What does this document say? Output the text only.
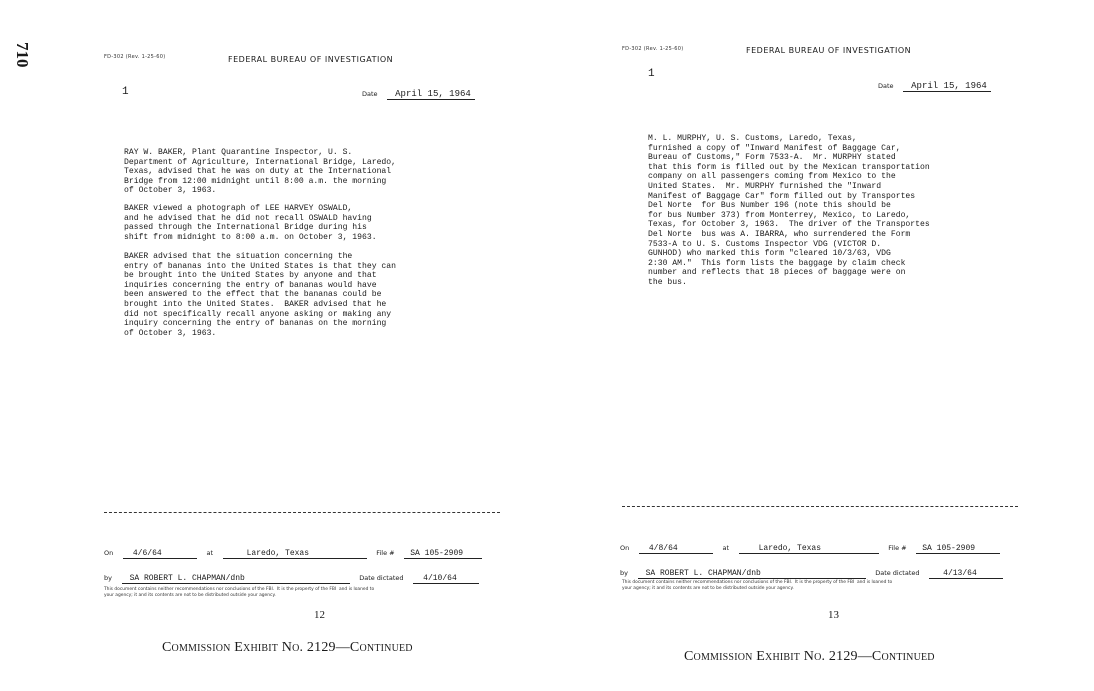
710	FD-302 (Rev. 1-25-60)	FEDERAL BUREAU OF INVESTIGATION
1	Date April 15, 1964
RAY W. BAKER, Plant Quarantine Inspector, U. S.
Department of Agriculture, International Bridge, Laredo,
Texas, advised that he was on duty at the International
Bridge from 12:00 midnight until 8:00 a.m. the morning
of October 3, 1963.
BAKER viewed a photograph of LEE HARVEY OSWALD,
and he advised that he did not recall OSWALD having
passed through the International Bridge during his
shift from midnight to 8:00 a.m. on October 3, 1963.
BAKER advised that the situation concerning the
entry of bananas into the United States is that they can
be brought into the United States by anyone and that
inquiries concerning the entry of bananas would have
been answered to the effect that the bananas could be
brought into the United States.  BAKER advised that he
did not specifically recall anyone asking or making any
inquiry concerning the entry of bananas on the morning
of October 3, 1963.
On 4/6/64	at	Laredo, Texas	File # SA 105-2909
by SA ROBERT L. CHAPMAN/dnb	Date dictated 4/10/64
This document contains neither recommendations nor conclusions of the FBI.  It is the property of the FBI  and is loaned to
your agency; it and its contents are not to be distributed outside your agency.
12
Commission Exhibit No. 2129—Continued
FD-302 (Rev. 1-25-60)	FEDERAL BUREAU OF INVESTIGATION
1
Date April 15, 1964
M. L. MURPHY, U. S. Customs, Laredo, Texas,
furnished a copy of "Inward Manifest of Baggage Car,
Bureau of Customs," Form 7533-A.  Mr. MURPHY stated
that this form is filled out by the Mexican transportation
company on all passengers coming from Mexico to the
United States.  Mr. MURPHY furnished the "Inward
Manifest of Baggage Car" form filled out by Transportes
Del Norte  for Bus Number 196 (note this should be
for bus Number 373) from Monterrey, Mexico, to Laredo,
Texas, for October 3, 1963.  The driver of the Transportes
Del Norte  bus was A. IBARRA, who surrendered the Form
7533-A to U. S. Customs Inspector VDG (VICTOR D.
GUNHOD) who marked this form "cleared 10/3/63, VDG
2:30 AM."  This form lists the baggage by claim check
number and reflects that 18 pieces of baggage were on
the bus.
On 4/8/64	at	Laredo, Texas	File # SA 105-2909
by SA ROBERT L. CHAPMAN/dnb	Date dictated	4/13/64
This document contains neither recommendations nor conclusions of the FBI.  It is the property of the FBI  and is loaned to
your agency; it and its contents are not to be distributed outside your agency.
13
Commission Exhibit No. 2129—Continued
